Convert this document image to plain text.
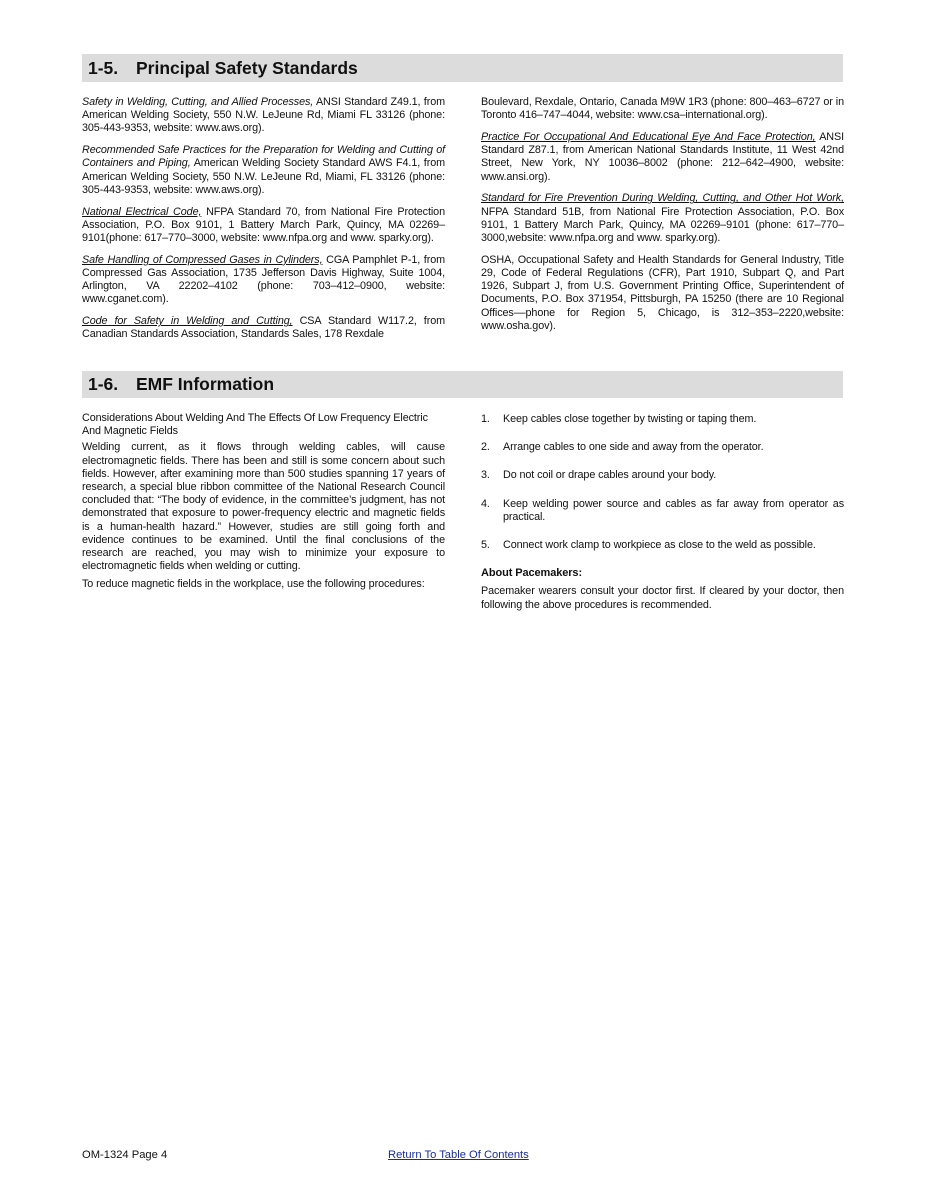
1-5. Principal Safety Standards

Safety in Welding, Cutting, and Allied Processes, ANSI Standard Z49.1, from American Welding Society, 550 N.W. LeJeune Rd, Miami FL 33126 (phone: 305-443-9353, website: www.aws.org).

Recommended Safe Practices for the Preparation for Welding and Cutting of Containers and Piping, American Welding Society Standard AWS F4.1, from American Welding Society, 550 N.W. LeJeune Rd, Miami, FL 33126 (phone: 305-443-9353, website: www.aws.org).

National Electrical Code, NFPA Standard 70, from National Fire Protection Association, P.O. Box 9101, 1 Battery March Park, Quincy, MA 02269–9101(phone: 617–770–3000, website: www.nfpa.org and www. sparky.org).

Safe Handling of Compressed Gases in Cylinders, CGA Pamphlet P-1, from Compressed Gas Association, 1735 Jefferson Davis Highway, Suite 1004, Arlington, VA 22202–4102 (phone: 703–412–0900, website: www.cganet.com).

Code for Safety in Welding and Cutting, CSA Standard W117.2, from Canadian Standards Association, Standards Sales, 178 Rexdale

Boulevard, Rexdale, Ontario, Canada M9W 1R3 (phone: 800–463–6727 or in Toronto 416–747–4044, website: www.csa–international.org).

Practice For Occupational And Educational Eye And Face Protection, ANSI Standard Z87.1, from American National Standards Institute, 11 West 42nd Street, New York, NY 10036–8002 (phone: 212–642–4900, website: www.ansi.org).

Standard for Fire Prevention During Welding, Cutting, and Other Hot Work, NFPA Standard 51B, from National Fire Protection Association, P.O. Box 9101, 1 Battery March Park, Quincy, MA 02269–9101 (phone: 617–770–3000,website: www.nfpa.org and www. sparky.org).

OSHA, Occupational Safety and Health Standards for General Industry, Title 29, Code of Federal Regulations (CFR), Part 1910, Subpart Q, and Part 1926, Subpart J, from U.S. Government Printing Office, Superintendent of Documents, P.O. Box 371954, Pittsburgh, PA 15250 (there are 10 Regional Offices––phone for Region 5, Chicago, is 312–353–2220,website: www.osha.gov).

1-6. EMF Information

Considerations About Welding And The Effects Of Low Frequency Electric And Magnetic Fields

Welding current, as it flows through welding cables, will cause electromagnetic fields. There has been and still is some concern about such fields. However, after examining more than 500 studies spanning 17 years of research, a special blue ribbon committee of the National Research Council concluded that: “The body of evidence, in the committee’s judgment, has not demonstrated that exposure to power-frequency electric and magnetic fields is a human-health hazard.” However, studies are still going forth and evidence continues to be examined. Until the final conclusions of the research are reached, you may wish to minimize your exposure to electromagnetic fields when welding or cutting.

To reduce magnetic fields in the workplace, use the following procedures:

1. Keep cables close together by twisting or taping them.
2. Arrange cables to one side and away from the operator.
3. Do not coil or drape cables around your body.
4. Keep welding power source and cables as far away from operator as practical.
5. Connect work clamp to workpiece as close to the weld as possible.
About Pacemakers:

Pacemaker wearers consult your doctor first. If cleared by your doctor, then following the above procedures is recommended.

OM-1324 Page 4	Return To Table Of Contents
